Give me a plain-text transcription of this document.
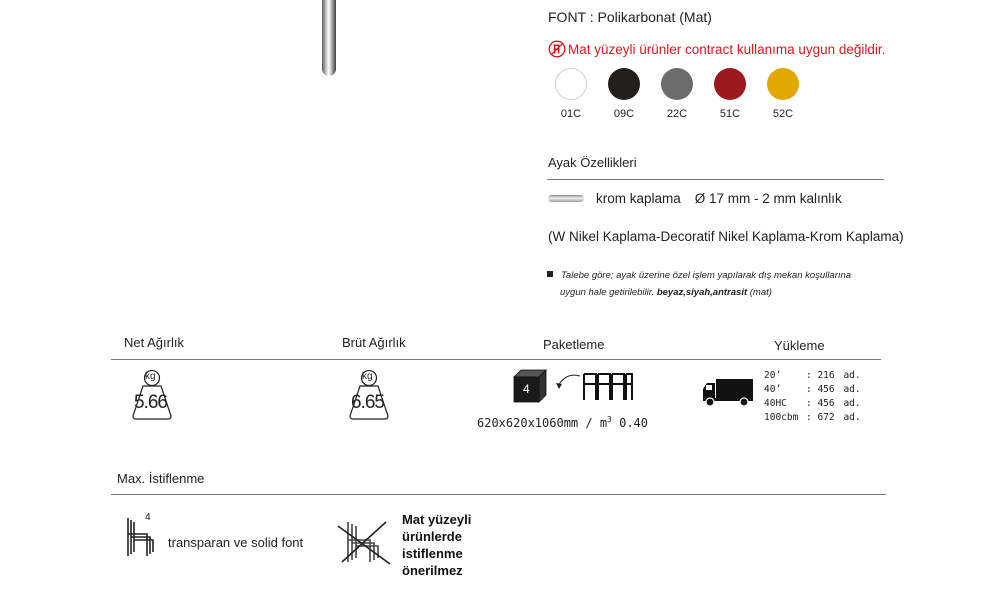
FONT : Polikarbonat (Mat)
Mat yüzeyli ürünler contract kullanıma uygun değildir.
01C	09C	22C	51C	52C
Ayak Özellikleri
krom kaplama Ø 17 mm - 2 mm kalınlık
(W Nikel Kaplama-Decoratif Nikel Kaplama-Krom Kaplama)
Talebe göre; ayak üzerine özel işlem yapılarak dış mekan koşullarına
uygun hale getirilebilir. beyaz,siyah,antrasit (mat)
Net Ağırlık	Brüt Ağırlık	Paketleme	Yükleme
kg
5.66
kg
6.65
4
$620x620x1060mm / m^3$ 0.40
20’	:	216	ad.
40’	:	456	ad.
40HC	:	456	ad.
100cbm	:	672	ad.
Max. İstiflenme
4
transparan ve solid font
Mat yüzeyli
ürünlerde
istiflenme
önerilmez
